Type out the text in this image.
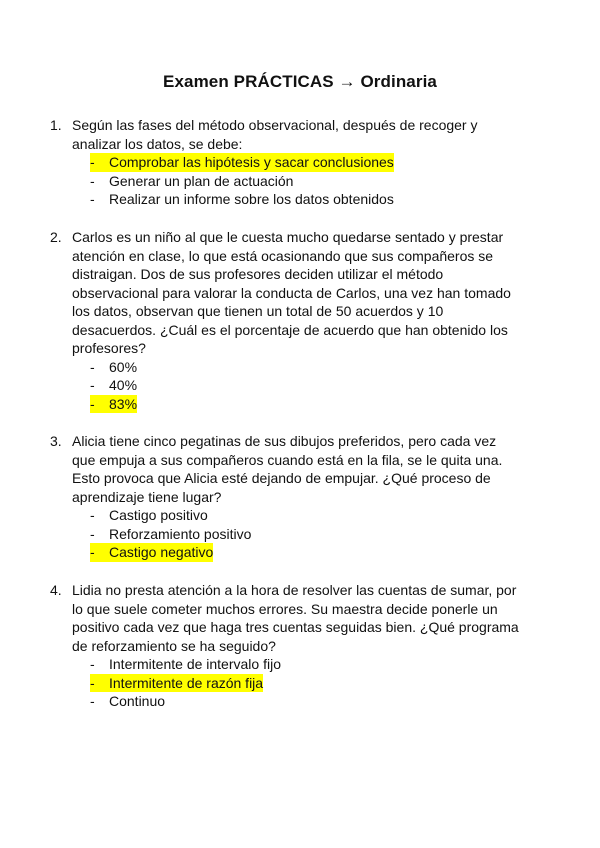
Examen PRÁCTICAS → Ordinaria
1. Según las fases del método observacional, después de recoger y analizar los datos, se debe:
- Comprobar las hipótesis y sacar conclusiones
- Generar un plan de actuación
- Realizar un informe sobre los datos obtenidos
2. Carlos es un niño al que le cuesta mucho quedarse sentado y prestar atención en clase, lo que está ocasionando que sus compañeros se distraigan. Dos de sus profesores deciden utilizar el método observacional para valorar la conducta de Carlos, una vez han tomado los datos, observan que tienen un total de 50 acuerdos y 10 desacuerdos. ¿Cuál es el porcentaje de acuerdo que han obtenido los profesores?
- 60%
- 40%
- 83%
3. Alicia tiene cinco pegatinas de sus dibujos preferidos, pero cada vez que empuja a sus compañeros cuando está en la fila, se le quita una. Esto provoca que Alicia esté dejando de empujar. ¿Qué proceso de aprendizaje tiene lugar?
- Castigo positivo
- Reforzamiento positivo
- Castigo negativo
4. Lidia no presta atención a la hora de resolver las cuentas de sumar, por lo que suele cometer muchos errores. Su maestra decide ponerle un positivo cada vez que haga tres cuentas seguidas bien. ¿Qué programa de reforzamiento se ha seguido?
- Intermitente de intervalo fijo
- Intermitente de razón fija
- Continuo
